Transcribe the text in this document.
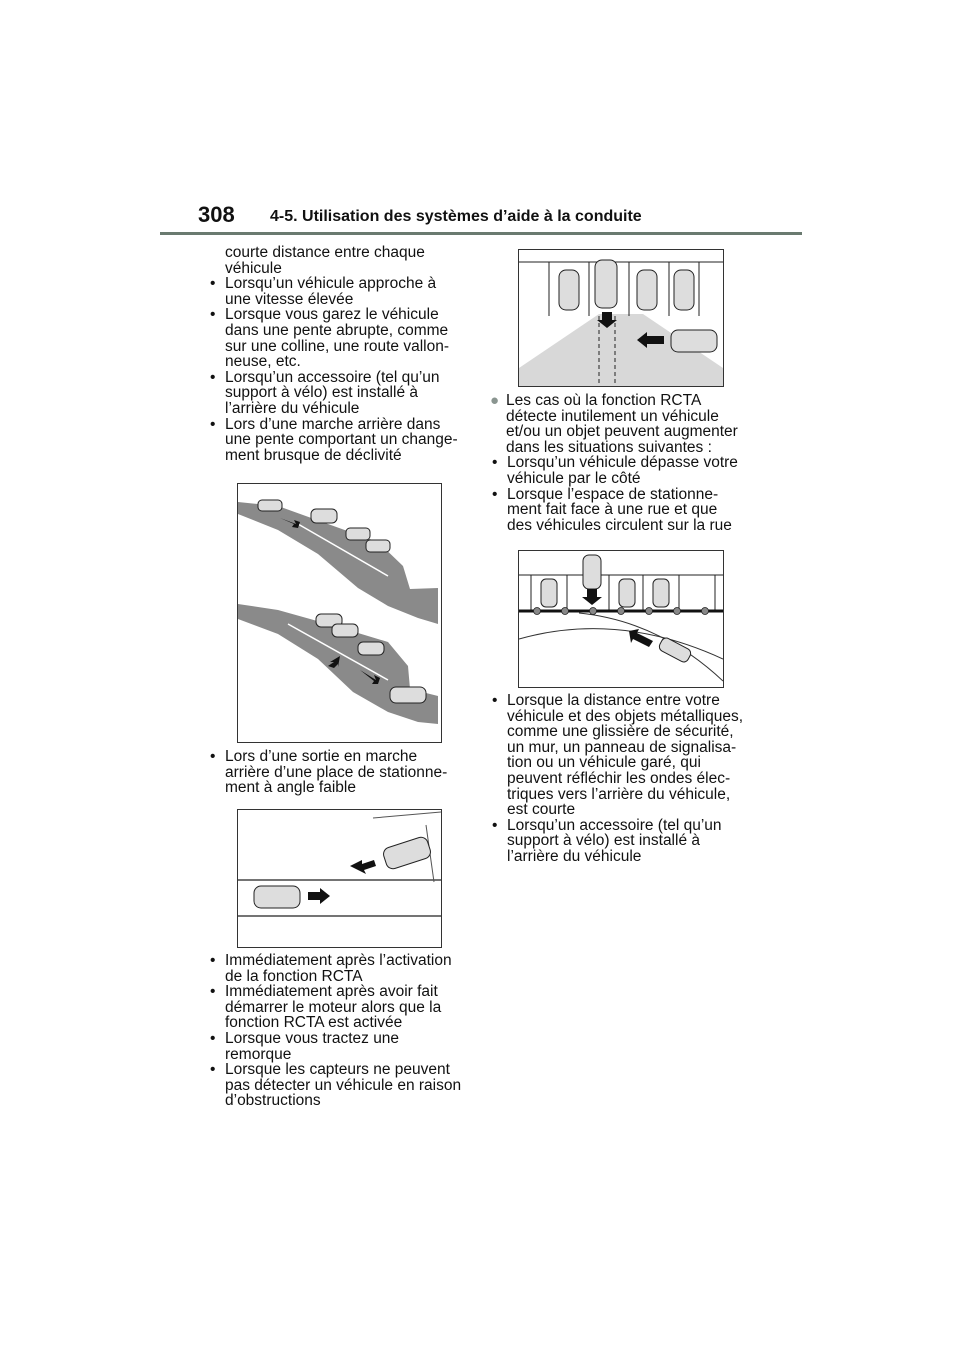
308 4-5. Utilisation des systèmes d’aide à la conduite
courte distance entre chaque
véhicule
• Lorsqu’un véhicule approche à
une vitesse élevée
• Lorsque vous garez le véhicule
dans une pente abrupte, comme
sur une colline, une route vallon-
neuse, etc.
• Lorsqu’un accessoire (tel qu’un
support à vélo) est installé à
l’arrière du véhicule
• Lors d’une marche arrière dans
une pente comportant un change-
ment brusque de déclivité
• Lors d’une sortie en marche
arrière d’une place de stationne-
ment à angle faible
• Immédiatement après l’activation
de la fonction RCTA
• Immédiatement après avoir fait
démarrer le moteur alors que la
fonction RCTA est activée
• Lorsque vous tractez une
remorque
• Lorsque les capteurs ne peuvent
pas détecter un véhicule en raison
d’obstructions
● Les cas où la fonction RCTA
détecte inutilement un véhicule
et/ou un objet peuvent augmenter
dans les situations suivantes :
• Lorsqu’un véhicule dépasse votre
véhicule par le côté
• Lorsque l’espace de stationne-
ment fait face à une rue et que
des véhicules circulent sur la rue
• Lorsque la distance entre votre
véhicule et des objets métalliques,
comme une glissière de sécurité,
un mur, un panneau de signalisa-
tion ou un véhicule garé, qui
peuvent réfléchir les ondes élec-
triques vers l’arrière du véhicule,
est courte
• Lorsqu’un accessoire (tel qu’un
support à vélo) est installé à
l’arrière du véhicule
